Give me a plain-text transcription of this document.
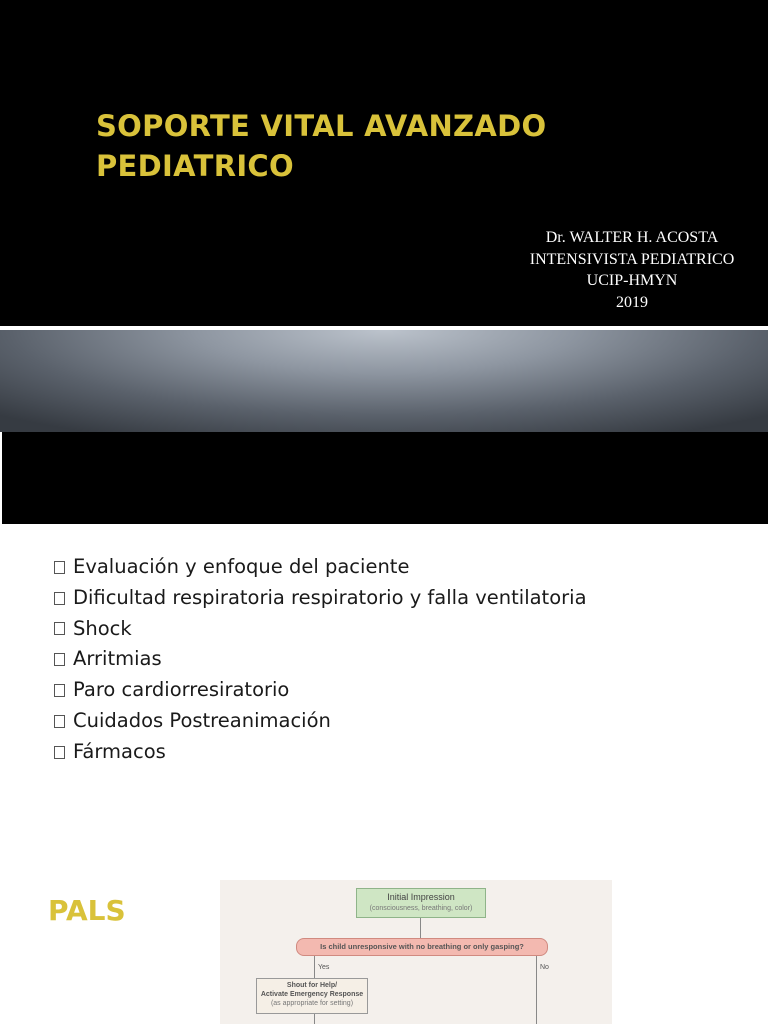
SOPORTE VITAL AVANZADO
PEDIATRICO
Dr. WALTER H. ACOSTA
INTENSIVISTA PEDIATRICO
UCIP-HMYN
2019
PALS
Evaluación y enfoque del paciente
Dificultad respiratoria respiratorio y falla ventilatoria
Shock
Arritmias
Paro cardiorresiratorio
Cuidados Postreanimación
Fármacos
Initial Impression
(consciousness, breathing, color)
Is child unresponsive with no breathing or only gasping?
Yes	No
Shout for Help/
Activate Emergency Response
(as appropriate for setting)
